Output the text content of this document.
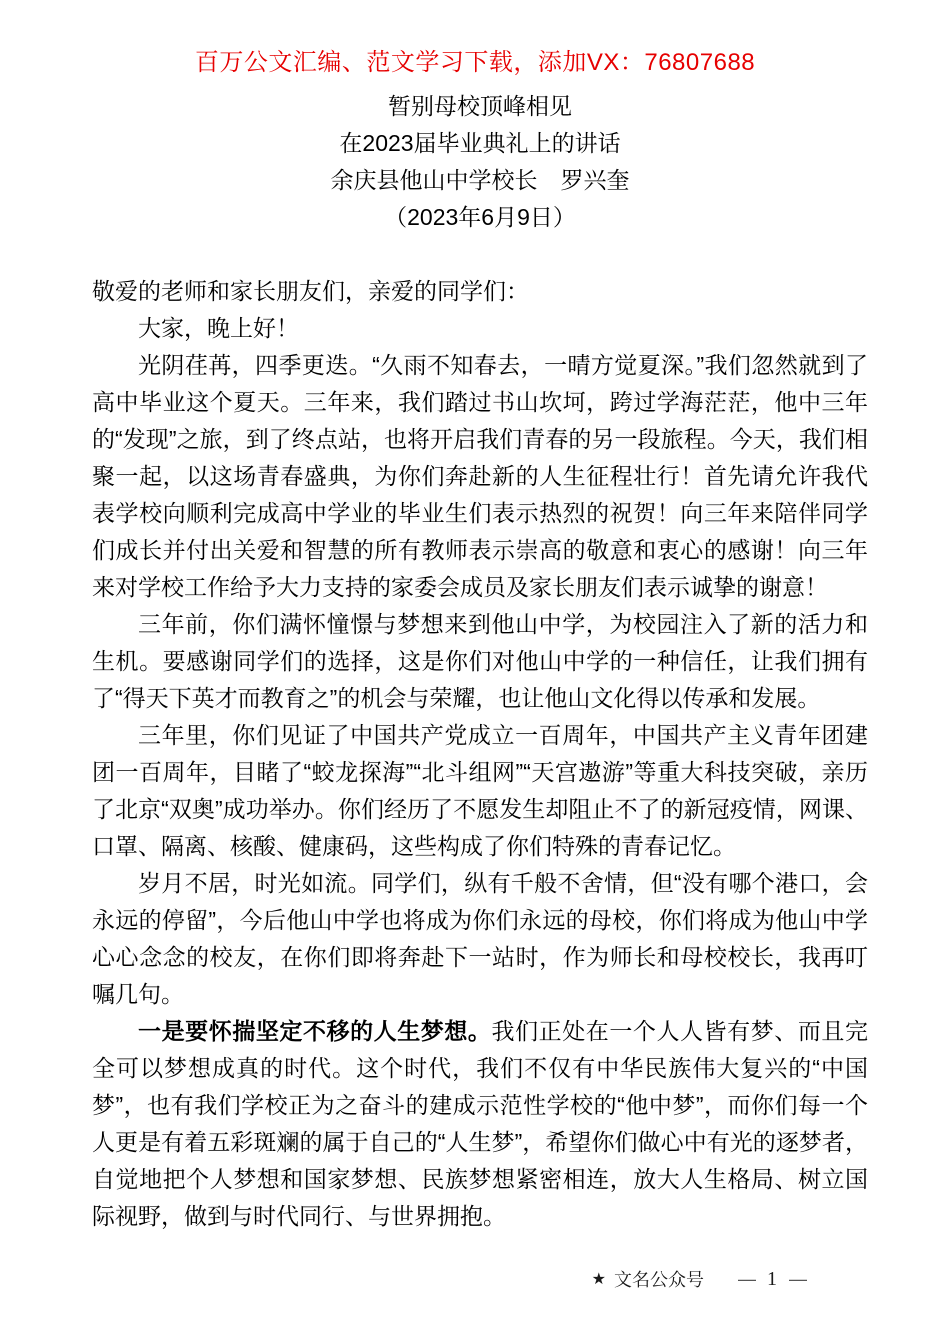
百万公文汇编、范文学习下载，添加VX：76807688
暂别母校顶峰相见
在2023届毕业典礼上的讲话
余庆县他山中学校长　罗兴奎
（2023年6月9日）

敬爱的老师和家长朋友们，亲爱的同学们：

大家，晚上好！

光阴荏苒，四季更迭。“久雨不知春去，一晴方觉夏深。”我们忽然就到了高中毕业这个夏天。三年来，我们踏过书山坎坷，跨过学海茫茫，他中三年的“发现”之旅，到了终点站，也将开启我们青春的另一段旅程。今天，我们相聚一起，以这场青春盛典，为你们奔赴新的人生征程壮行！首先请允许我代表学校向顺利完成高中学业的毕业生们表示热烈的祝贺！向三年来陪伴同学们成长并付出关爱和智慧的所有教师表示崇高的敬意和衷心的感谢！向三年来对学校工作给予大力支持的家委会成员及家长朋友们表示诚挚的谢意！

三年前，你们满怀憧憬与梦想来到他山中学，为校园注入了新的活力和生机。要感谢同学们的选择，这是你们对他山中学的一种信任，让我们拥有了“得天下英才而教育之”的机会与荣耀，也让他山文化得以传承和发展。

三年里，你们见证了中国共产党成立一百周年，中国共产主义青年团建团一百周年，目睹了“蛟龙探海”“北斗组网”“天宫遨游”等重大科技突破，亲历了北京“双奥”成功举办。你们经历了不愿发生却阻止不了的新冠疫情，网课、口罩、隔离、核酸、健康码，这些构成了你们特殊的青春记忆。

岁月不居，时光如流。同学们，纵有千般不舍情，但“没有哪个港口，会永远的停留”，今后他山中学也将成为你们永远的母校，你们将成为他山中学心心念念的校友，在你们即将奔赴下一站时，作为师长和母校校长，我再叮嘱几句。

一是要怀揣坚定不移的人生梦想。我们正处在一个人人皆有梦、而且完全可以梦想成真的时代。这个时代，我们不仅有中华民族伟大复兴的“中国梦”，也有我们学校正为之奋斗的建成示范性学校的“他中梦”，而你们每一个人更是有着五彩斑斓的属于自己的“人生梦”，希望你们做心中有光的逐梦者，自觉地把个人梦想和国家梦想、民族梦想紧密相连，放大人生格局、树立国际视野，做到与时代同行、与世界拥抱。

★ 文名公众号 — 1 —
